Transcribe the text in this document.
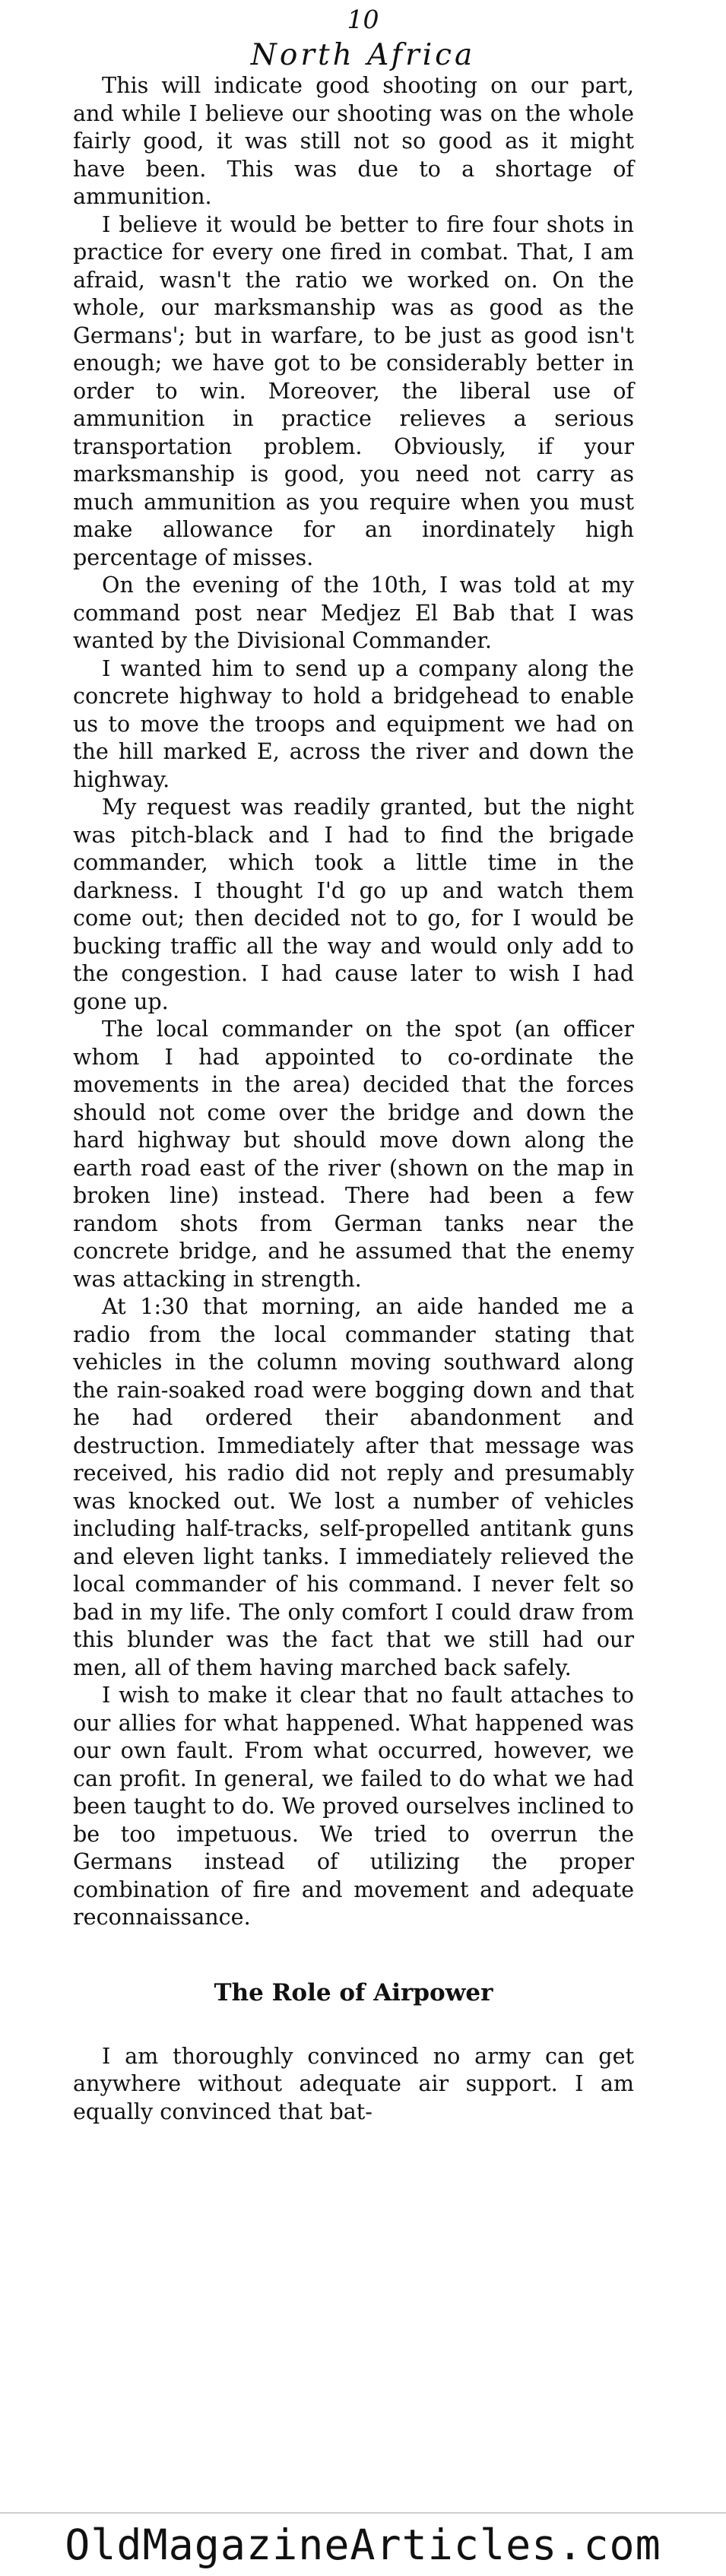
10
North Africa

This will indicate good shooting on our part, and while I believe our shooting was on the whole fairly good, it was still not so good as it might have been. This was due to a shortage of ammunition.

I believe it would be better to fire four shots in practice for every one fired in combat. That, I am afraid, wasn't the ratio we worked on. On the whole, our marksmanship was as good as the Germans'; but in warfare, to be just as good isn't enough; we have got to be considerably better in order to win. Moreover, the liberal use of ammunition in practice relieves a serious transportation problem. Obviously, if your marksmanship is good, you need not carry as much ammunition as you require when you must make allowance for an inordinately high percentage of misses.

On the evening of the 10th, I was told at my command post near Medjez El Bab that I was wanted by the Divisional Commander.

I wanted him to send up a company along the concrete highway to hold a bridgehead to enable us to move the troops and equipment we had on the hill marked E, across the river and down the highway.

My request was readily granted, but the night was pitch-black and I had to find the brigade commander, which took a little time in the darkness. I thought I'd go up and watch them come out; then decided not to go, for I would be bucking traffic all the way and would only add to the congestion. I had cause later to wish I had gone up.

The local commander on the spot (an officer whom I had appointed to co-ordinate the movements in the area) decided that the forces should not come over the bridge and down the hard highway but should move down along the earth road east of the river (shown on the map in broken line) instead. There had been a few random shots from German tanks near the concrete bridge, and he assumed that the enemy was attacking in strength.

At 1:30 that morning, an aide handed me a radio from the local commander stating that vehicles in the column moving southward along the rain-soaked road were bogging down and that he had ordered their abandonment and destruction. Immediately after that message was received, his radio did not reply and presumably was knocked out. We lost a number of vehicles including half-tracks, self-propelled antitank guns and eleven light tanks. I immediately relieved the local commander of his command. I never felt so bad in my life. The only comfort I could draw from this blunder was the fact that we still had our men, all of them having marched back safely.

I wish to make it clear that no fault attaches to our allies for what happened. What happened was our own fault. From what occurred, however, we can profit. In general, we failed to do what we had been taught to do. We proved ourselves inclined to be too impetuous. We tried to overrun the Germans instead of utilizing the proper combination of fire and movement and adequate reconnaissance.

The Role of Airpower

I am thoroughly convinced no army can get anywhere without adequate air support. I am equally convinced that bat-

OldMagazineArticles.com
